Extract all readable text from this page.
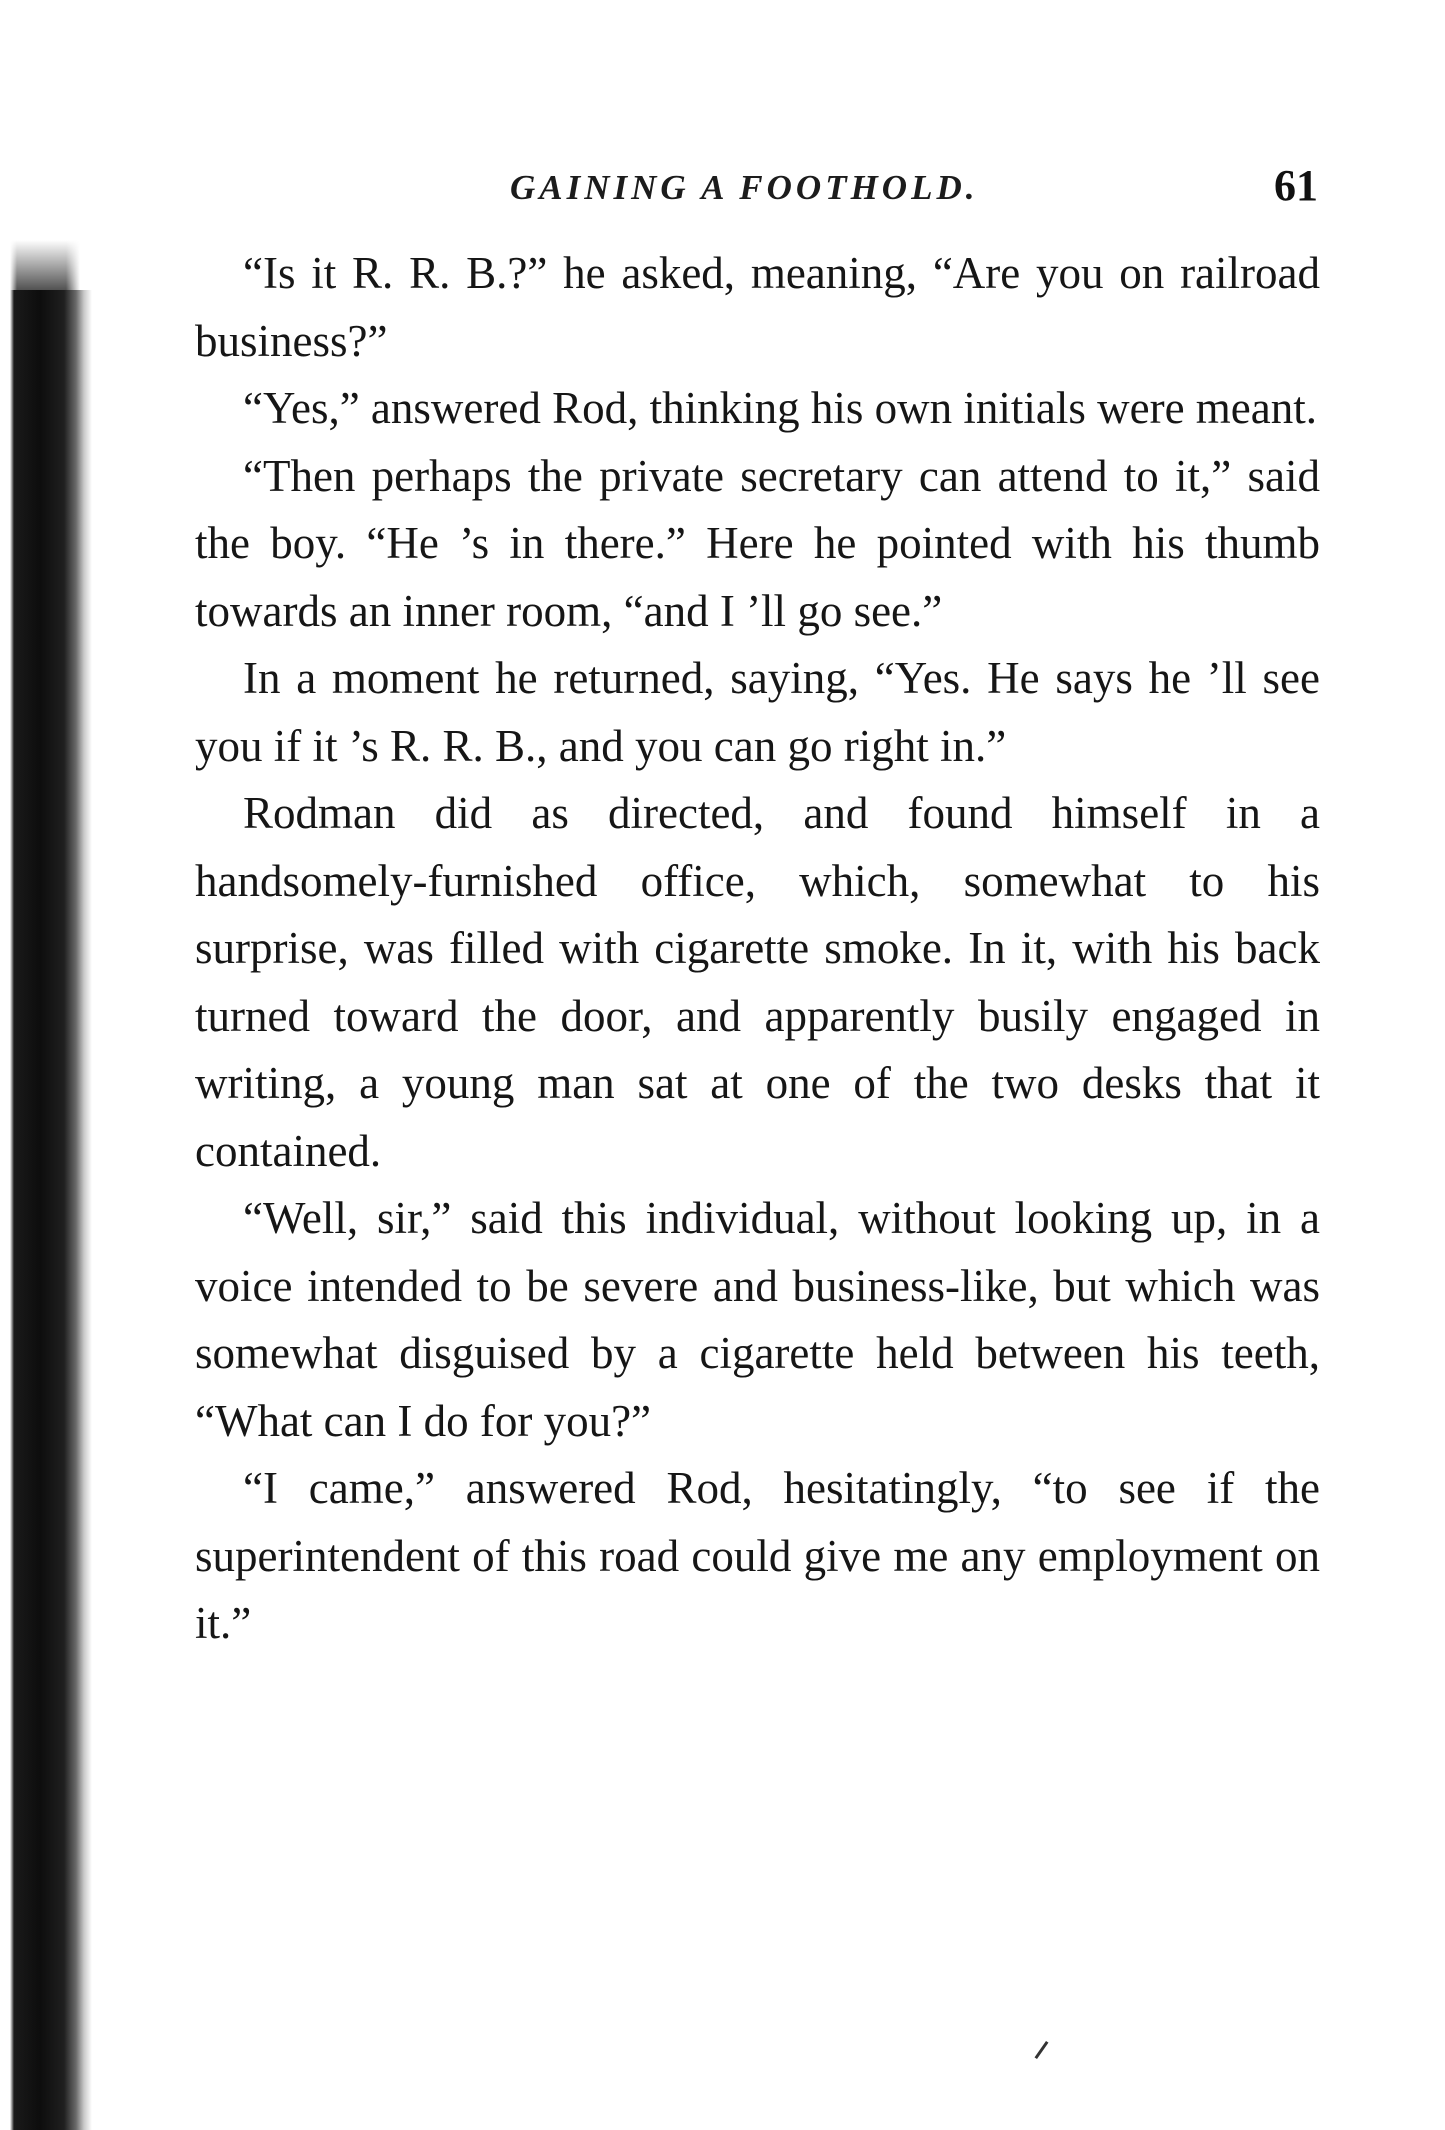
GAINING A FOOTHOLD.	61

“Is it R. R. B.?” he asked, meaning, “Are you on railroad business?”

“Yes,” answered Rod, thinking his own initials were meant.

“Then perhaps the private secretary can attend to it,” said the boy. “He ’s in there.” Here he pointed with his thumb towards an inner room, “and I ’ll go see.”

In a moment he returned, saying, “Yes. He says he ’ll see you if it ’s R. R. B., and you can go right in.”

Rodman did as directed, and found himself in a handsomely-furnished office, which, somewhat to his surprise, was filled with cigarette smoke. In it, with his back turned toward the door, and apparently busily engaged in writing, a young man sat at one of the two desks that it contained.

“Well, sir,” said this individual, without looking up, in a voice intended to be severe and business-like, but which was somewhat disguised by a cigarette held between his teeth, “What can I do for you?”

“I came,” answered Rod, hesitatingly, “to see if the superintendent of this road could give me any employment on it.”
